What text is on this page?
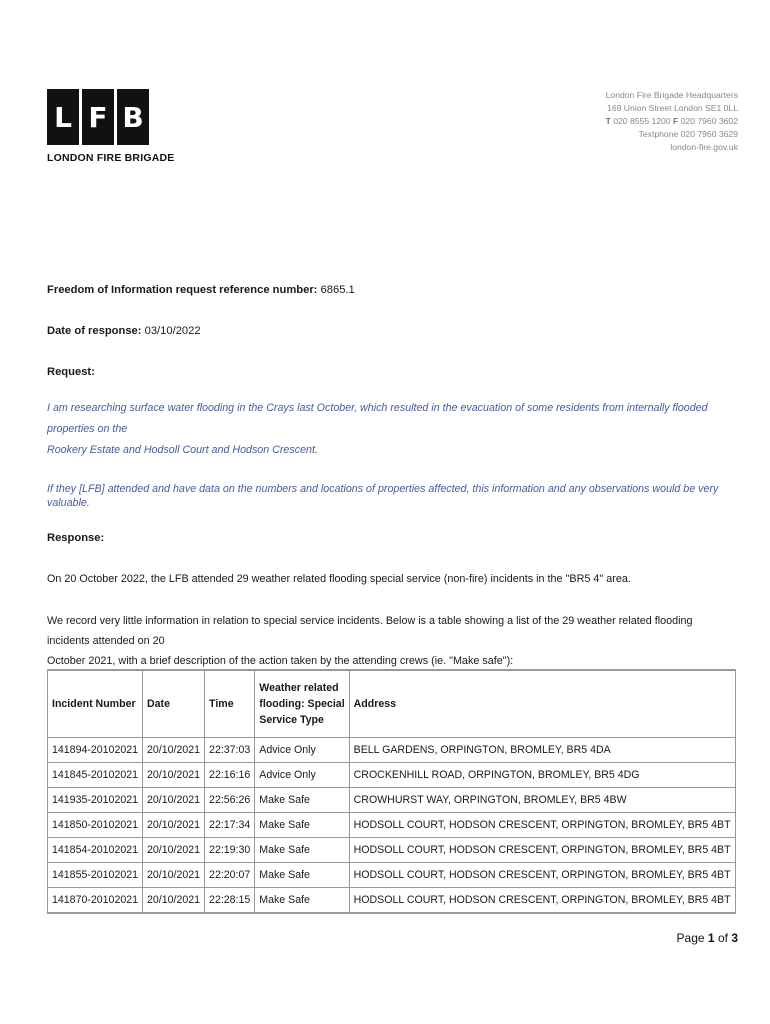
L F B
LONDON FIRE BRIGADE
London Fire Brigade Headquarters
169 Union Street London SE1 0LL
T 020 8555 1200 F 020 7960 3602
Textphone 020 7960 3629
london-fire.gov.uk

Freedom of Information request reference number: 6865.1

Date of response: 03/10/2022

Request:

I am researching surface water flooding in the Crays last October, which resulted in the evacuation of some residents from internally flooded properties on the
Rookery Estate and Hodsoll Court and Hodson Crescent.

If they [LFB] attended and have data on the numbers and locations of properties affected, this information and any observations would be very valuable.

Response:

On 20 October 2022, the LFB attended 29 weather related flooding special service (non-fire) incidents in the "BR5 4" area.

We record very little information in relation to special service incidents. Below is a table showing a list of the 29 weather related flooding incidents attended on 20
October 2021, with a brief description of the action taken by the attending crews (ie. "Make safe"):

Incident Number	Date	Time	Weather related
flooding: Special
Service Type	Address
141894-20102021	20/10/2021	22:37:03	Advice Only	BELL GARDENS, ORPINGTON, BROMLEY, BR5 4DA
141845-20102021	20/10/2021	22:16:16	Advice Only	CROCKENHILL ROAD, ORPINGTON, BROMLEY, BR5 4DG
141935-20102021	20/10/2021	22:56:26	Make Safe	CROWHURST WAY, ORPINGTON, BROMLEY, BR5 4BW
141850-20102021	20/10/2021	22:17:34	Make Safe	HODSOLL COURT, HODSON CRESCENT, ORPINGTON, BROMLEY, BR5 4BT
141854-20102021	20/10/2021	22:19:30	Make Safe	HODSOLL COURT, HODSON CRESCENT, ORPINGTON, BROMLEY, BR5 4BT
141855-20102021	20/10/2021	22:20:07	Make Safe	HODSOLL COURT, HODSON CRESCENT, ORPINGTON, BROMLEY, BR5 4BT
141870-20102021	20/10/2021	22:28:15	Make Safe	HODSOLL COURT, HODSON CRESCENT, ORPINGTON, BROMLEY, BR5 4BT
Page 1 of 3
